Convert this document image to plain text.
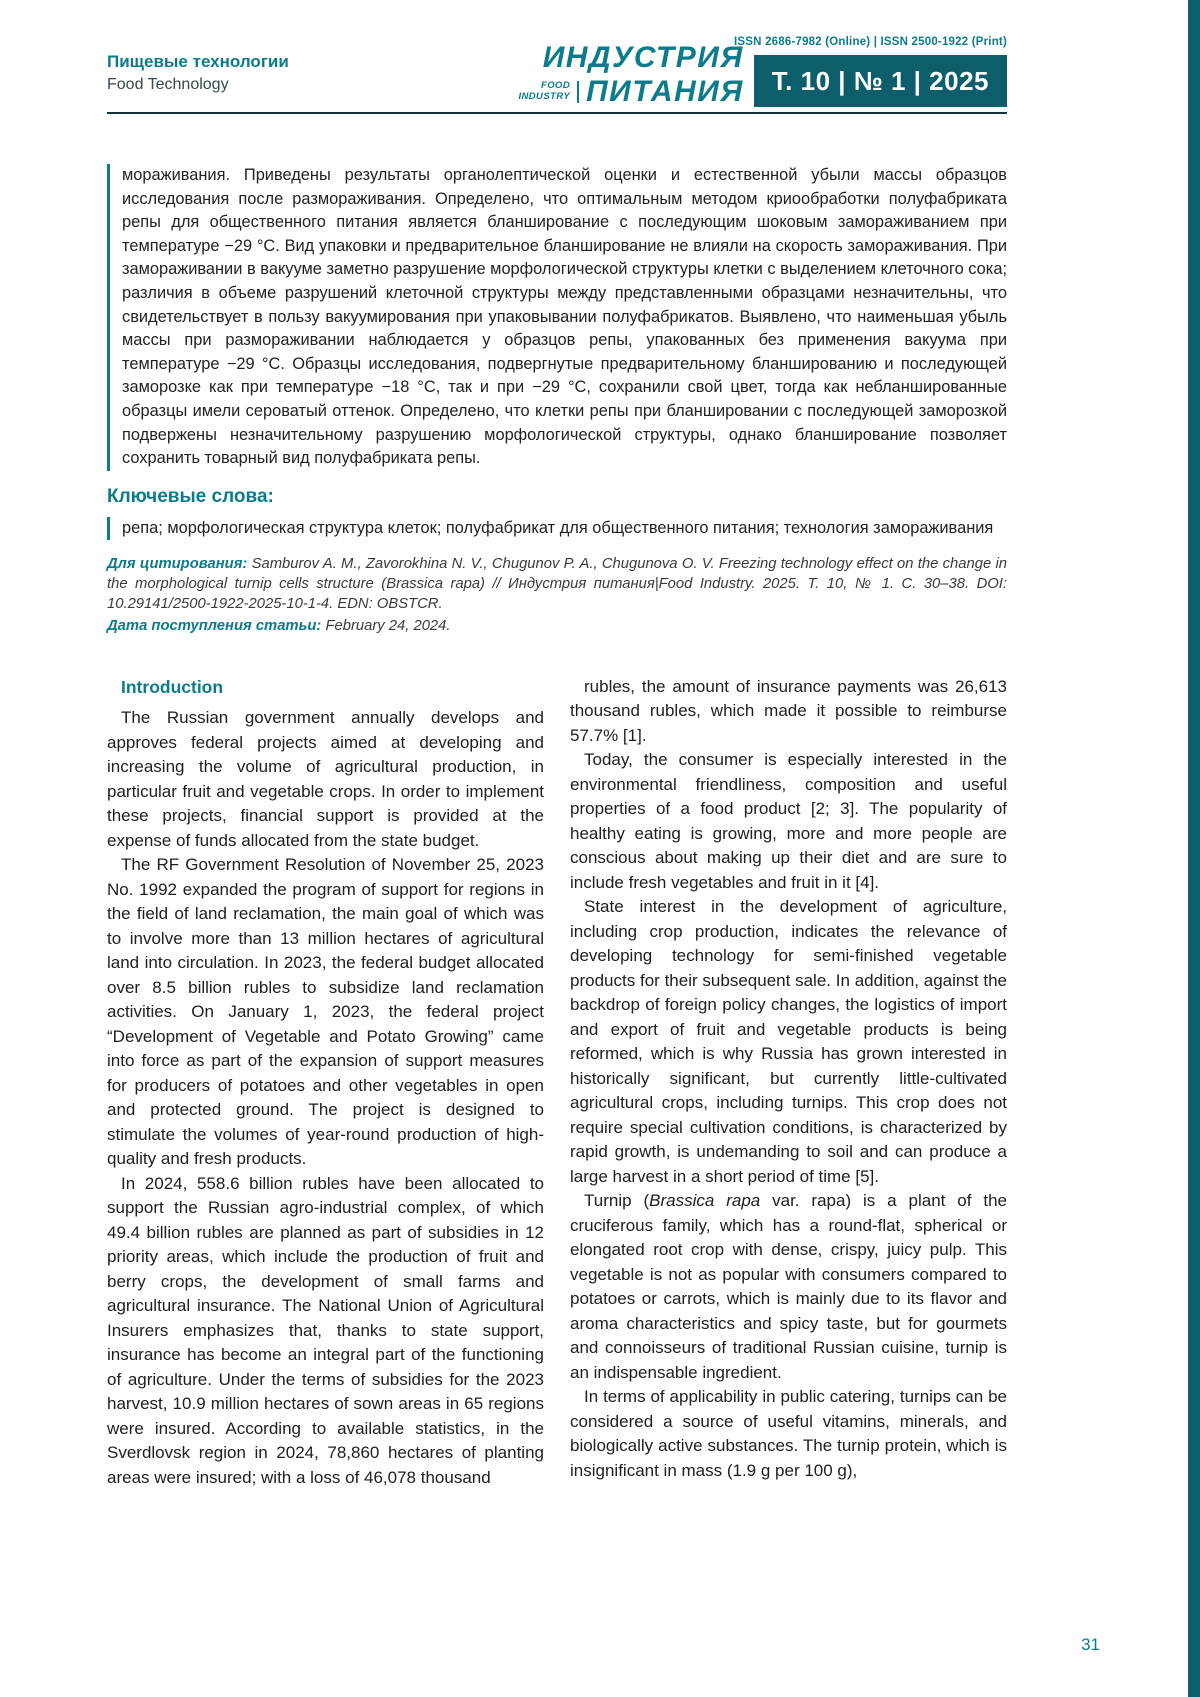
ISSN 2686-7982 (Online) | ISSN 2500-1922 (Print)
Пищевые технологии
Food Technology
ИНДУСТРИЯ
FOOD
INDUSTRY ПИТАНИЯ	Т. 10 | № 1 | 2025

мораживания. Приведены результаты органолептической оценки и естественной убыли массы образцов исследования после размораживания. Определено, что оптимальным методом криообработки полуфабриката репы для общественного питания является бланширование с последующим шоковым замораживанием при температуре −29 °С. Вид упаковки и предварительное бланширование не влияли на скорость замораживания. При замораживании в вакууме заметно разрушение морфологической структуры клетки с выделением клеточного сока; различия в объеме разрушений клеточной структуры между представленными образцами незначительны, что свидетельствует в пользу вакуумирования при упаковывании полуфабрикатов. Выявлено, что наименьшая убыль массы при размораживании наблюдается у образцов репы, упакованных без применения вакуума при температуре −29 °С. Образцы исследования, подвергнутые предварительному бланшированию и последующей заморозке как при температуре −18 °С, так и при −29 °С, сохранили свой цвет, тогда как небланшированные образцы имели сероватый оттенок. Определено, что клетки репы при бланшировании с последующей заморозкой подвержены незначительному разрушению морфологической структуры, однако бланширование позволяет сохранить товарный вид полуфабриката репы.

Ключевые слова:

репа; морфологическая структура клеток; полуфабрикат для общественного питания; технология замораживания

Для цитирования: Samburov A. M., Zavorokhina N. V., Chugunov P. A., Chugunova O. V. Freezing technology effect on the change in the morphological turnip cells structure (Brassica rapa) // Индустрия питания|Food Industry. 2025. Т. 10, № 1. С. 30–38. DOI: 10.29141/2500-1922-2025-10-1-4. EDN: OBSTCR.

Дата поступления статьи: February 24, 2024.

Introduction

The Russian government annually develops and approves federal projects aimed at developing and increasing the volume of agricultural production, in particular fruit and vegetable crops. In order to implement these projects, financial support is provided at the expense of funds allocated from the state budget.

The RF Government Resolution of November 25, 2023 No. 1992 expanded the program of support for regions in the field of land reclamation, the main goal of which was to involve more than 13 million hectares of agricultural land into circulation. In 2023, the federal budget allocated over 8.5 billion rubles to subsidize land reclamation activities. On January 1, 2023, the federal project “Development of Vegetable and Potato Growing” came into force as part of the expansion of support measures for producers of potatoes and other vegetables in open and protected ground. The project is designed to stimulate the volumes of year-round production of high-quality and fresh products.

In 2024, 558.6 billion rubles have been allocated to support the Russian agro-industrial complex, of which 49.4 billion rubles are planned as part of subsidies in 12 priority areas, which include the production of fruit and berry crops, the development of small farms and agricultural insurance. The National Union of Agricultural Insurers emphasizes that, thanks to state support, insurance has become an integral part of the functioning of agriculture. Under the terms of subsidies for the 2023 harvest, 10.9 million hectares of sown areas in 65 regions were insured. According to available statistics, in the Sverdlovsk region in 2024, 78,860 hectares of planting areas were insured; with a loss of 46,078 thousand

rubles, the amount of insurance payments was 26,613 thousand rubles, which made it possible to reimburse 57.7% [1].

Today, the consumer is especially interested in the environmental friendliness, composition and useful properties of a food product [2; 3]. The popularity of healthy eating is growing, more and more people are conscious about making up their diet and are sure to include fresh vegetables and fruit in it [4].

State interest in the development of agriculture, including crop production, indicates the relevance of developing technology for semi-finished vegetable products for their subsequent sale. In addition, against the backdrop of foreign policy changes, the logistics of import and export of fruit and vegetable products is being reformed, which is why Russia has grown interested in historically significant, but currently little-cultivated agricultural crops, including turnips. This crop does not require special cultivation conditions, is characterized by rapid growth, is undemanding to soil and can produce a large harvest in a short period of time [5].

Turnip (Brassica rapa var. rapa) is a plant of the cruciferous family, which has a round-flat, spherical or elongated root crop with dense, crispy, juicy pulp. This vegetable is not as popular with consumers compared to potatoes or carrots, which is mainly due to its flavor and aroma characteristics and spicy taste, but for gourmets and connoisseurs of traditional Russian cuisine, turnip is an indispensable ingredient.

In terms of applicability in public catering, turnips can be considered a source of useful vitamins, minerals, and biologically active substances. The turnip protein, which is insignificant in mass (1.9 g per 100 g),

31
